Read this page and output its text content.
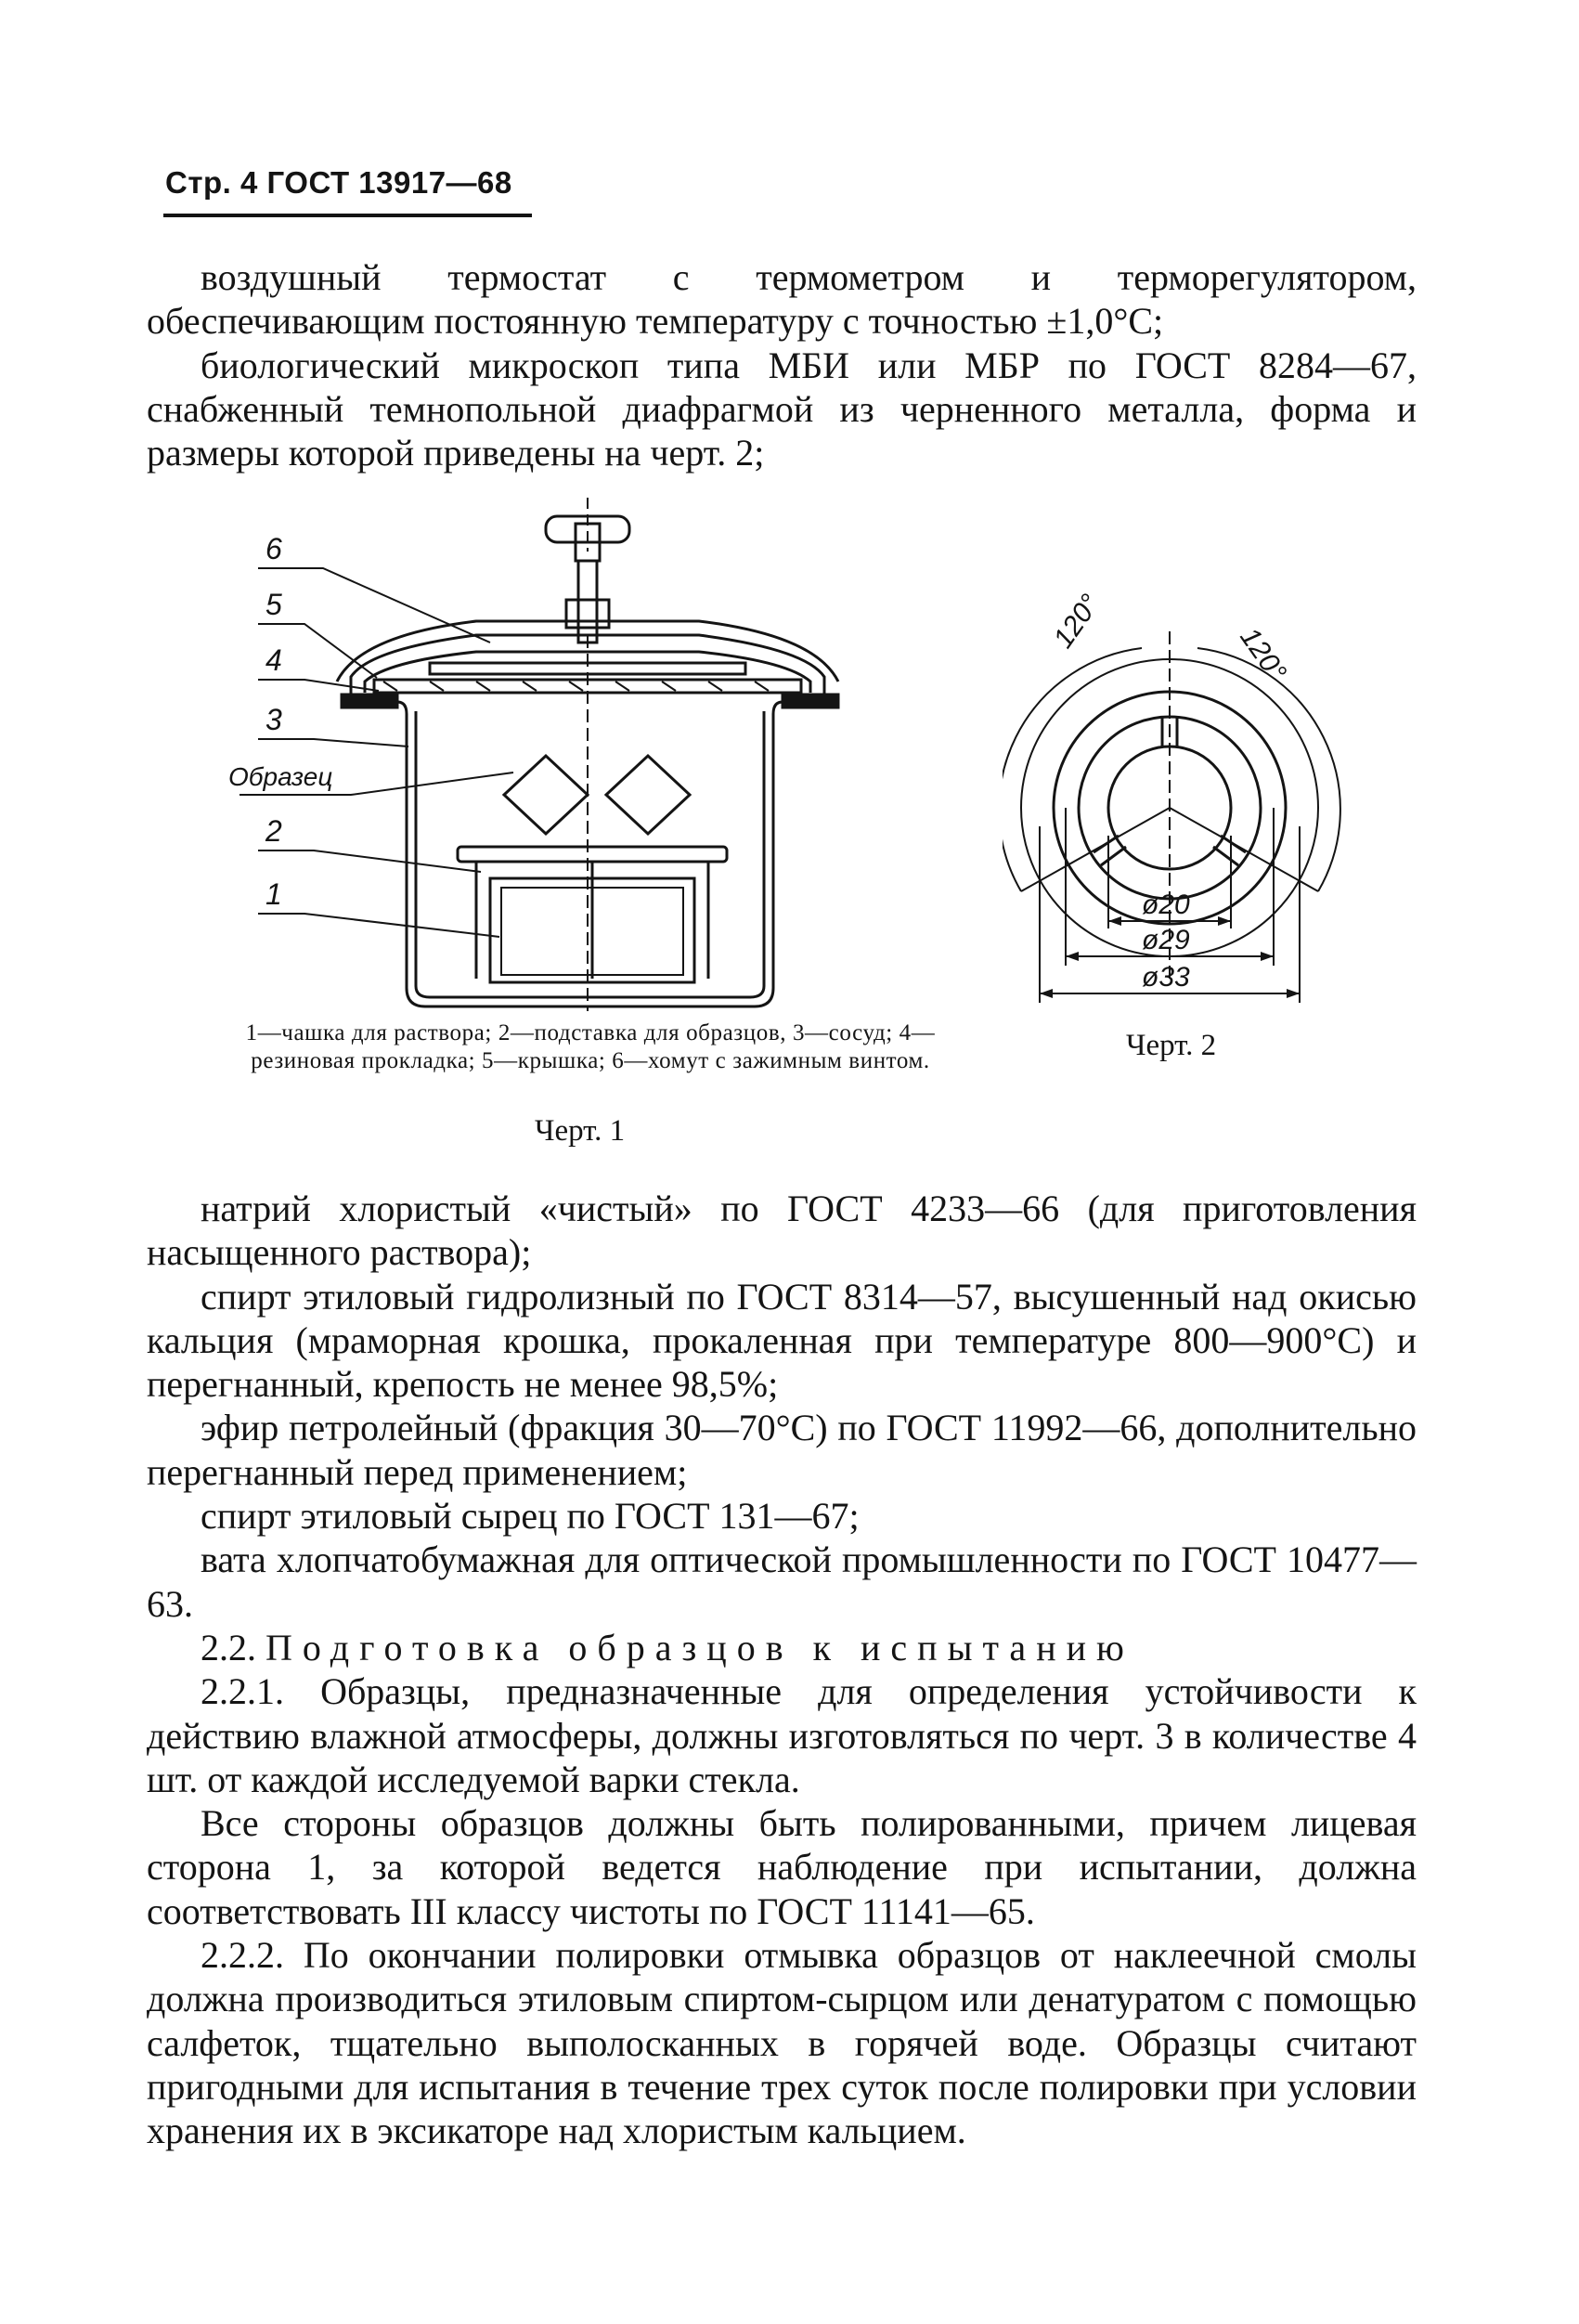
Стр. 4 ГОСТ 13917—68

воздушный термостат с термометром и терморегулятором, обеспечивающим постоянную температуру с точностью ±1,0°С;

биологический микроскоп типа МБИ или МБР по ГОСТ 8284—67, снабженный темнопольной диафрагмой из черненного металла, форма и размеры которой приведены на черт. 2;

6
5
4
3
Образец
2
1
120°
120°
ø20
ø29
ø33
1—чашка для раствора; 2—подставка для образцов, 3—сосуд; 4—резиновая прокладка; 5—крышка; 6—хомут с зажимным винтом.
Черт. 1
Черт. 2

натрий хлористый «чистый» по ГОСТ 4233—66 (для приготовления насыщенного раствора);

спирт этиловый гидролизный по ГОСТ 8314—57, высушенный над окисью кальция (мраморная крошка, прокаленная при температуре 800—900°С) и перегнанный, крепость не менее 98,5%;

эфир петролейный (фракция 30—70°С) по ГОСТ 11992—66, дополнительно перегнанный перед применением;

спирт этиловый сырец по ГОСТ 131—67;

вата хлопчатобумажная для оптической промышленности по ГОСТ 10477—63.

2.2. Подготовка образцов к испытанию

2.2.1. Образцы, предназначенные для определения устойчивости к действию влажной атмосферы, должны изготовляться по черт. 3 в количестве 4 шт. от каждой исследуемой варки стекла.

Все стороны образцов должны быть полированными, причем лицевая сторона 1, за которой ведется наблюдение при испытании, должна соответствовать III классу чистоты по ГОСТ 11141—65.

2.2.2. По окончании полировки отмывка образцов от наклеечной смолы должна производиться этиловым спиртом-сырцом или денатуратом с помощью салфеток, тщательно выполосканных в горячей воде. Образцы считают пригодными для испытания в течение трех суток после полировки при условии хранения их в эксикаторе над хлористым кальцием.
